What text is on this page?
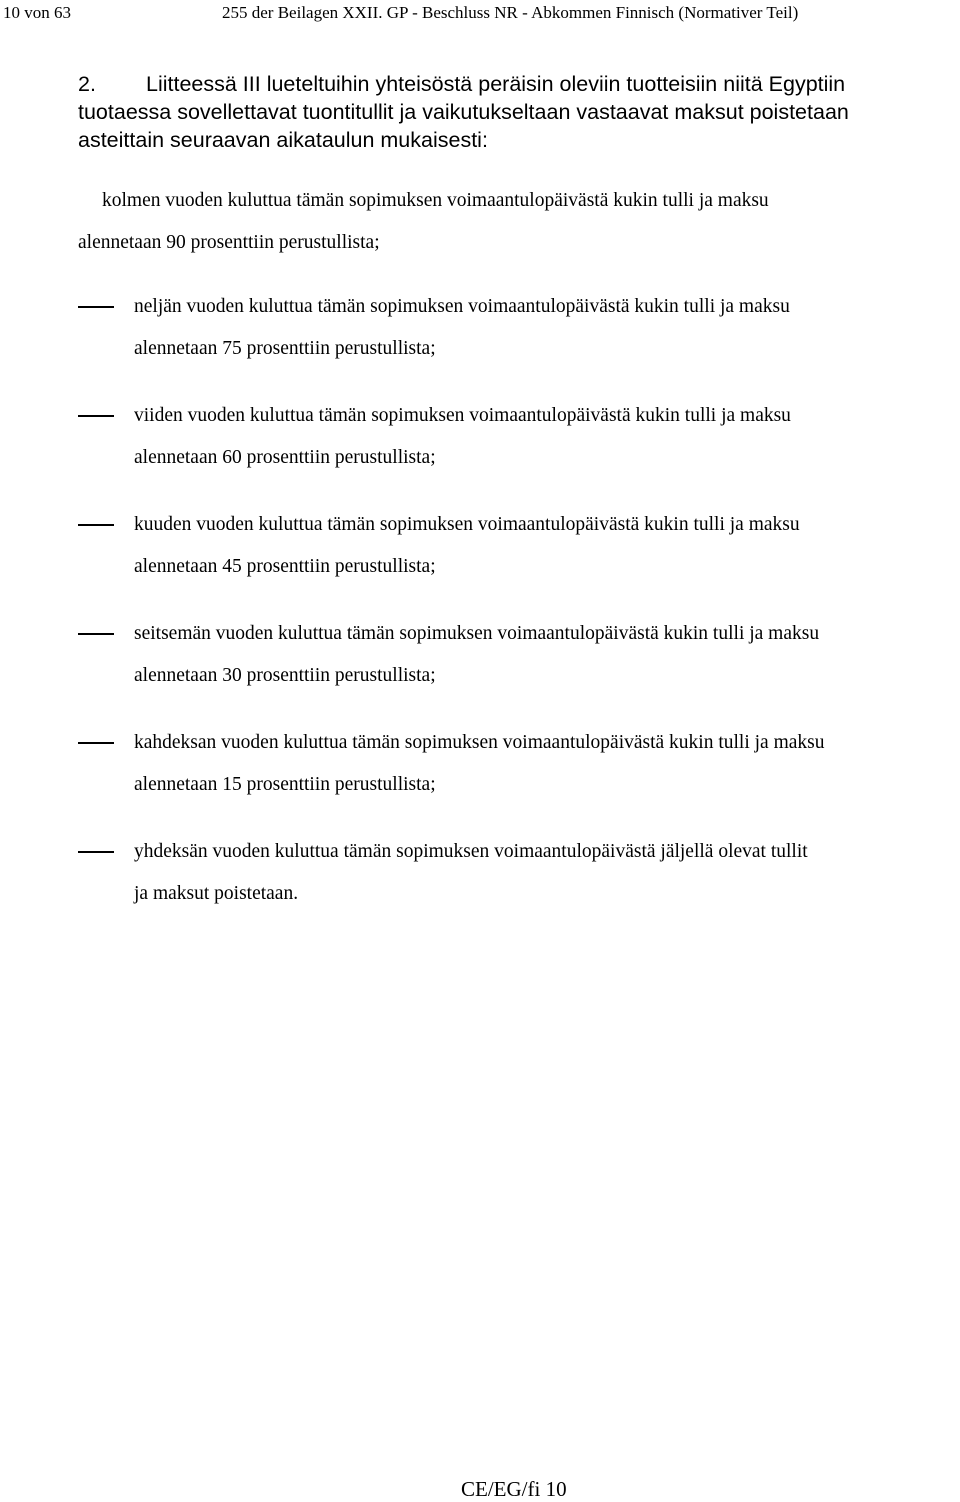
10 von 63	255 der Beilagen XXII. GP - Beschluss NR - Abkommen Finnisch (Normativer Teil)
2. Liitteessä III lueteltuihin yhteisöstä peräisin oleviin tuotteisiin niitä Egyptiin tuotaessa sovellettavat tuontitullit ja vaikutukseltaan vastaavat maksut poistetaan asteittain seuraavan aikataulun mukaisesti:
kolmen vuoden kuluttua tämän sopimuksen voimaantulopäivästä kukin tulli ja maksu
alennetaan 90 prosenttiin perustullista;
neljän vuoden kuluttua tämän sopimuksen voimaantulopäivästä kukin tulli ja maksu
alennetaan 75 prosenttiin perustullista;
viiden vuoden kuluttua tämän sopimuksen voimaantulopäivästä kukin tulli ja maksu
alennetaan 60 prosenttiin perustullista;
kuuden vuoden kuluttua tämän sopimuksen voimaantulopäivästä kukin tulli ja maksu
alennetaan 45 prosenttiin perustullista;
seitsemän vuoden kuluttua tämän sopimuksen voimaantulopäivästä kukin tulli ja maksu
alennetaan 30 prosenttiin perustullista;
kahdeksan vuoden kuluttua tämän sopimuksen voimaantulopäivästä kukin tulli ja maksu
alennetaan 15 prosenttiin perustullista;
yhdeksän vuoden kuluttua tämän sopimuksen voimaantulopäivästä jäljellä olevat tullit
ja maksut poistetaan.
CE/EG/fi 10
